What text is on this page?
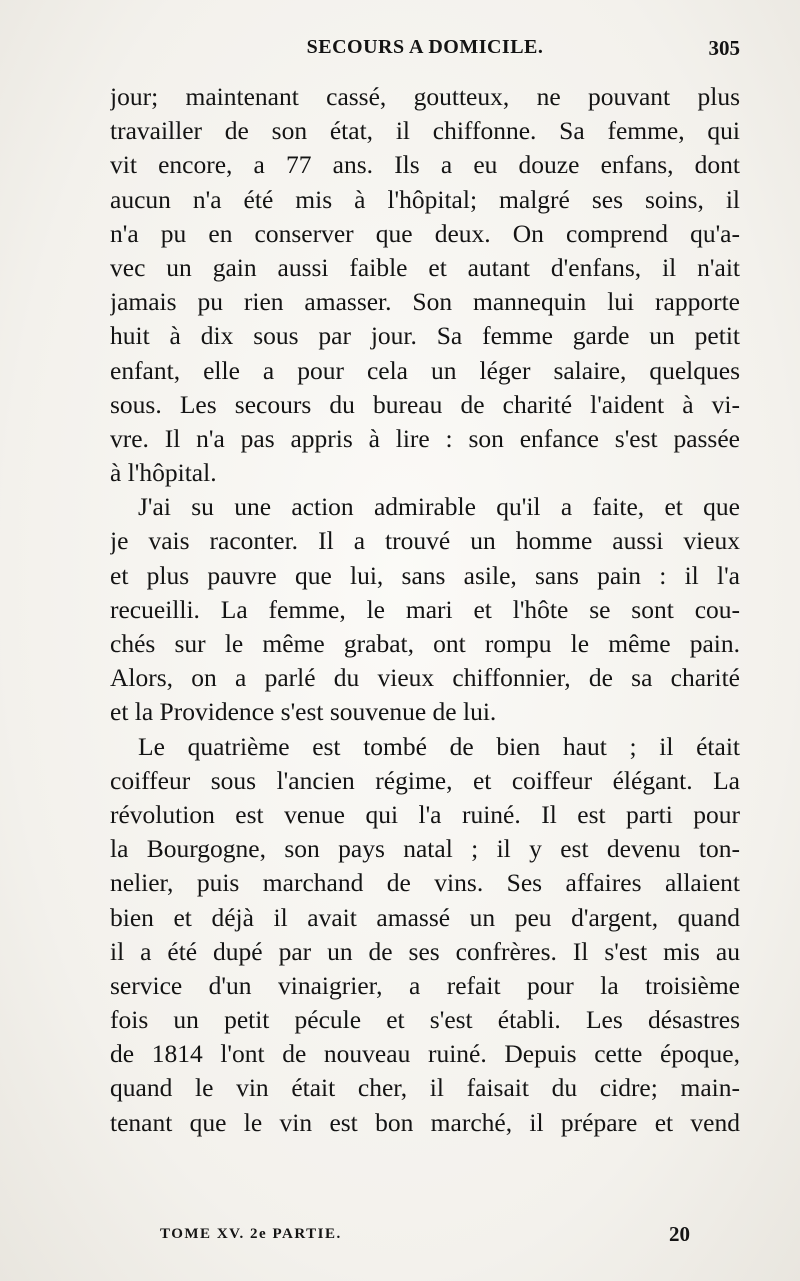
SECOURS A DOMICILE.	305
jour; maintenant cassé, goutteux, ne pouvant plus
travailler de son état, il chiffonne. Sa femme, qui
vit encore, a 77 ans. Ils a eu douze enfans, dont
aucun n'a été mis à l'hôpital; malgré ses soins, il
n'a pu en conserver que deux. On comprend qu'a-
vec un gain aussi faible et autant d'enfans, il n'ait
jamais pu rien amasser. Son mannequin lui rapporte
huit à dix sous par jour. Sa femme garde un petit
enfant, elle a pour cela un léger salaire, quelques
sous. Les secours du bureau de charité l'aident à vi-
vre. Il n'a pas appris à lire : son enfance s'est passée
à l'hôpital.
J'ai su une action admirable qu'il a faite, et que
je vais raconter. Il a trouvé un homme aussi vieux
et plus pauvre que lui, sans asile, sans pain : il l'a
recueilli. La femme, le mari et l'hôte se sont cou-
chés sur le même grabat, ont rompu le même pain.
Alors, on a parlé du vieux chiffonnier, de sa charité
et la Providence s'est souvenue de lui.
Le quatrième est tombé de bien haut ; il était
coiffeur sous l'ancien régime, et coiffeur élégant. La
révolution est venue qui l'a ruiné. Il est parti pour
la Bourgogne, son pays natal ; il y est devenu ton-
nelier, puis marchand de vins. Ses affaires allaient
bien et déjà il avait amassé un peu d'argent, quand
il a été dupé par un de ses confrères. Il s'est mis au
service d'un vinaigrier, a refait pour la troisième
fois un petit pécule et s'est établi. Les désastres
de 1814 l'ont de nouveau ruiné. Depuis cette époque,
quand le vin était cher, il faisait du cidre; main-
tenant que le vin est bon marché, il prépare et vend
TOME XV. 2e PARTIE.	20
